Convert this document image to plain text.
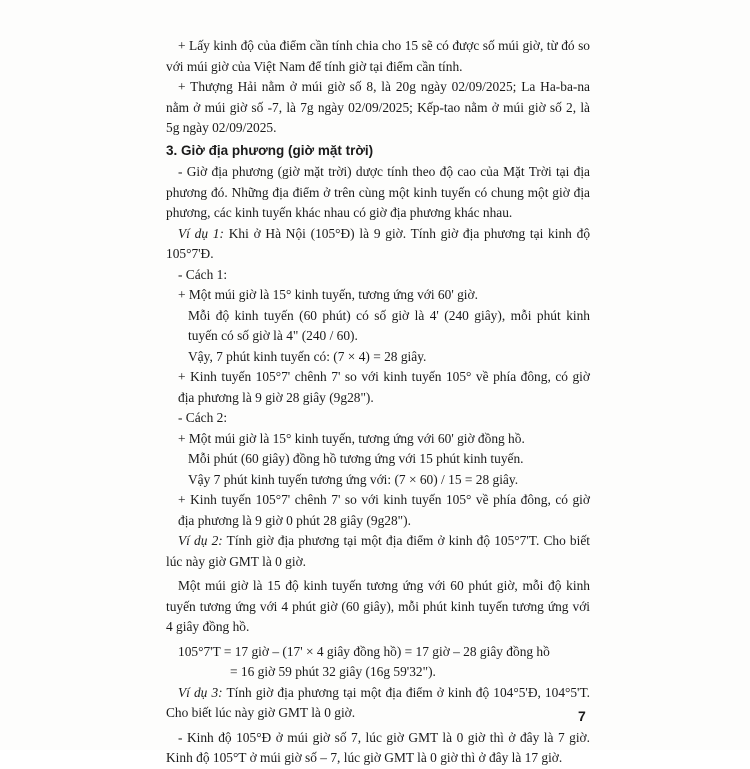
+ Lấy kinh độ của điểm cần tính chia cho 15 sẽ có được số múi giờ, từ đó so với múi giờ của Việt Nam để tính giờ tại điểm cần tính.

+ Thượng Hải nằm ở múi giờ số 8, là 20g ngày 02/09/2025; La Ha-ba-na nằm ở múi giờ số -7, là 7g ngày 02/09/2025; Kếp-tao nằm ở múi giờ số 2, là 5g ngày 02/09/2025.

3. Giờ địa phương (giờ mặt trời)

- Giờ địa phương (giờ mặt trời) dược tính theo độ cao của Mặt Trời tại địa phương đó. Những địa điểm ở trên cùng một kinh tuyến có chung một giờ địa phương, các kinh tuyến khác nhau có giờ địa phương khác nhau.

Ví dụ 1: Khi ở Hà Nội (105°Đ) là 9 giờ. Tính giờ địa phương tại kinh độ 105°7'Đ.

- Cách 1:

+ Một múi giờ là 15° kinh tuyến, tương ứng với 60' giờ.

Mỗi độ kinh tuyến (60 phút) có số giờ là 4' (240 giây), mỗi phút kinh tuyến có số giờ là 4" (240 / 60).

Vậy, 7 phút kinh tuyến có: (7 × 4) = 28 giây.

+ Kinh tuyến 105°7' chênh 7' so với kinh tuyến 105° về phía đông, có giờ địa phương là 9 giờ 28 giây (9g28").

- Cách 2:

+ Một múi giờ là 15° kinh tuyến, tương ứng với 60' giờ đồng hồ.

Mỗi phút (60 giây) đồng hồ tương ứng với 15 phút kinh tuyến.

Vậy 7 phút kinh tuyến tương ứng với: (7 × 60) / 15 = 28 giây.

+ Kinh tuyến 105°7' chênh 7' so với kinh tuyến 105° về phía đông, có giờ địa phương là 9 giờ 0 phút 28 giây (9g28").

Ví dụ 2: Tính giờ địa phương tại một địa điểm ở kinh độ 105°7'T. Cho biết lúc này giờ GMT là 0 giờ.

Một múi giờ là 15 độ kinh tuyến tương ứng với 60 phút giờ, mỗi độ kinh tuyến tương ứng với 4 phút giờ (60 giây), mỗi phút kinh tuyến tương ứng với 4 giây đồng hồ.

105°7'T = 17 giờ – (17' × 4 giây đồng hồ) = 17 giờ – 28 giây đồng hồ

= 16 giờ 59 phút 32 giây (16g 59'32").

Ví dụ 3: Tính giờ địa phương tại một địa điểm ở kinh độ 104°5'Đ, 104°5'T. Cho biết lúc này giờ GMT là 0 giờ.

- Kinh độ 105°Đ ở múi giờ số 7, lúc giờ GMT là 0 giờ thì ở đây là 7 giờ. Kinh độ 105°T ở múi giờ số – 7, lúc giờ GMT là 0 giờ thì ở đây là 17 giờ.

7
